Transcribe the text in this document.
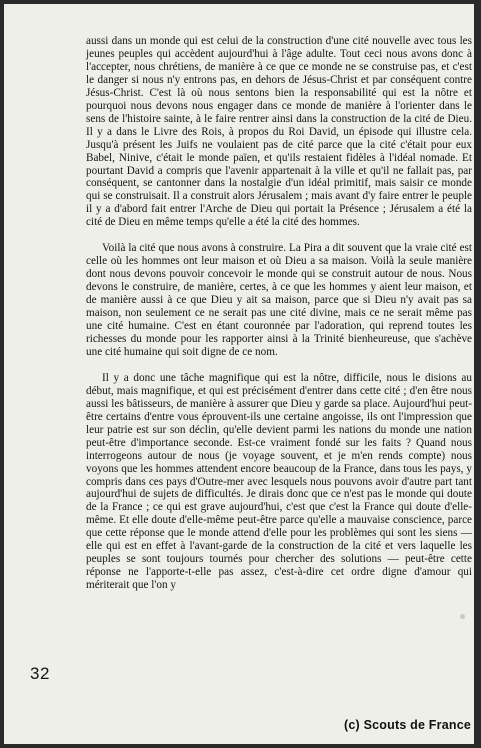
aussi dans un monde qui est celui de la construction d'une cité nouvelle avec tous les jeunes peuples qui accèdent aujourd'hui à l'âge adulte. Tout ceci nous avons donc à l'accepter, nous chrétiens, de manière à ce que ce monde ne se construise pas, et c'est le danger si nous n'y entrons pas, en dehors de Jésus-Christ et par conséquent contre Jésus-Christ. C'est là où nous sentons bien la responsabilité qui est la nôtre et pourquoi nous devons nous engager dans ce monde de manière à l'orienter dans le sens de l'histoire sainte, à le faire rentrer ainsi dans la construction de la cité de Dieu. Il y a dans le Livre des Rois, à propos du Roi David, un épisode qui illustre cela. Jusqu'à présent les Juifs ne voulaient pas de cité parce que la cité c'était pour eux Babel, Ninive, c'était le monde païen, et qu'ils restaient fidèles à l'idéal nomade. Et pourtant David a compris que l'avenir appartenait à la ville et qu'il ne fallait pas, par conséquent, se cantonner dans la nostalgie d'un idéal primitif, mais saisir ce monde qui se construisait. Il a construit alors Jérusalem ; mais avant d'y faire entrer le peuple il y a d'abord fait entrer l'Arche de Dieu qui portait la Présence ; Jérusalem a été la cité de Dieu en même temps qu'elle a été la cité des hommes.

Voilà la cité que nous avons à construire. La Pira a dit souvent que la vraie cité est celle où les hommes ont leur maison et où Dieu a sa maison. Voilà la seule manière dont nous devons pouvoir concevoir le monde qui se construit autour de nous. Nous devons le construire, de manière, certes, à ce que les hommes y aient leur maison, et de manière aussi à ce que Dieu y ait sa maison, parce que si Dieu n'y avait pas sa maison, non seulement ce ne serait pas une cité divine, mais ce ne serait même pas une cité humaine. C'est en étant couronnée par l'adoration, qui reprend toutes les richesses du monde pour les rapporter ainsi à la Trinité bienheureuse, que s'achève une cité humaine qui soit digne de ce nom.

Il y a donc une tâche magnifique qui est la nôtre, difficile, nous le disions au début, mais magnifique, et qui est précisément d'entrer dans cette cité ; d'en être nous aussi les bâtisseurs, de manière à assurer que Dieu y garde sa place. Aujourd'hui peut-être certains d'entre vous éprouvent-ils une certaine angoisse, ils ont l'impression que leur patrie est sur son déclin, qu'elle devient parmi les nations du monde une nation peut-être d'importance seconde. Est-ce vraiment fondé sur les faits ? Quand nous interrogeons autour de nous (je voyage souvent, et je m'en rends compte) nous voyons que les hommes attendent encore beaucoup de la France, dans tous les pays, y compris dans ces pays d'Outre-mer avec lesquels nous pouvons avoir d'autre part tant aujourd'hui de sujets de difficultés. Je dirais donc que ce n'est pas le monde qui doute de la France ; ce qui est grave aujourd'hui, c'est que c'est la France qui doute d'elle-même. Et elle doute d'elle-même peut-être parce qu'elle a mauvaise conscience, parce que cette réponse que le monde attend d'elle pour les problèmes qui sont les siens — elle qui est en effet à l'avant-garde de la construction de la cité et vers laquelle les peuples se sont toujours tournés pour chercher des solutions — peut-être cette réponse ne l'apporte-t-elle pas assez, c'est-à-dire cet ordre digne d'amour qui mériterait que l'on y

32
(c) Scouts de France
